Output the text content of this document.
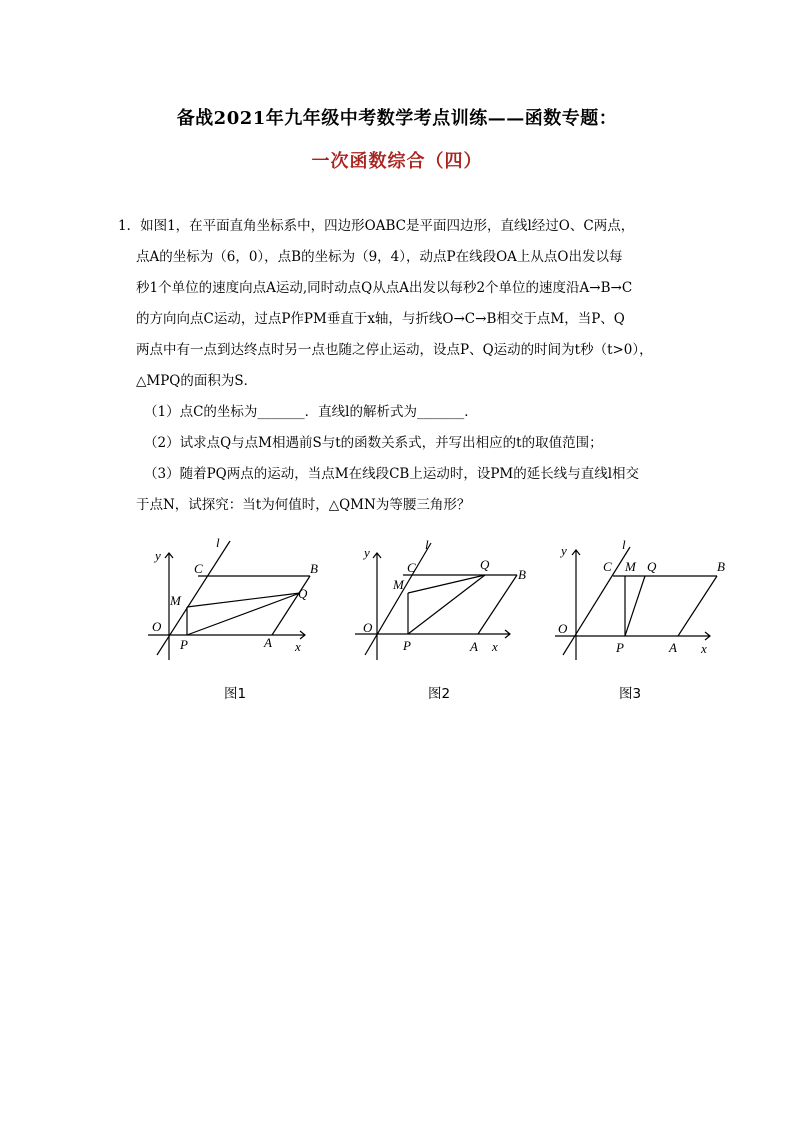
备战2021年九年级中考数学考点训练——函数专题：
一次函数综合（四）
1．如图1，在平面直角坐标系中，四边形OABC是平面四边形，直线l经过O、C两点，
点A的坐标为（6，0），点B的坐标为（9，4），动点P在线段OA上从点O出发以每
秒1个单位的速度向点A运动,同时动点Q从点A出发以每秒2个单位的速度沿A→B→C
的方向向点C运动，过点P作PM垂直于x轴，与折线O→C→B相交于点M，当P、Q
两点中有一点到达终点时另一点也随之停止运动，设点P、Q运动的时间为t秒（t>0），
△MPQ的面积为S．
（1）点C的坐标为_______．直线l的解析式为_______．
（2）试求点Q与点M相遇前S与t的函数关系式，并写出相应的t的取值范围；
（3）随着PQ两点的运动，当点M在线段CB上运动时，设PM的延长线与直线l相交
于点N，试探究：当t为何值时，△QMN为等腰三角形？
y
x
O
l
C	B
M	Q
P	A
图1
y
x
O
l
C	B
M
Q
P	A
图2
y
x
O
l
C	B
M Q
P	A
图3
